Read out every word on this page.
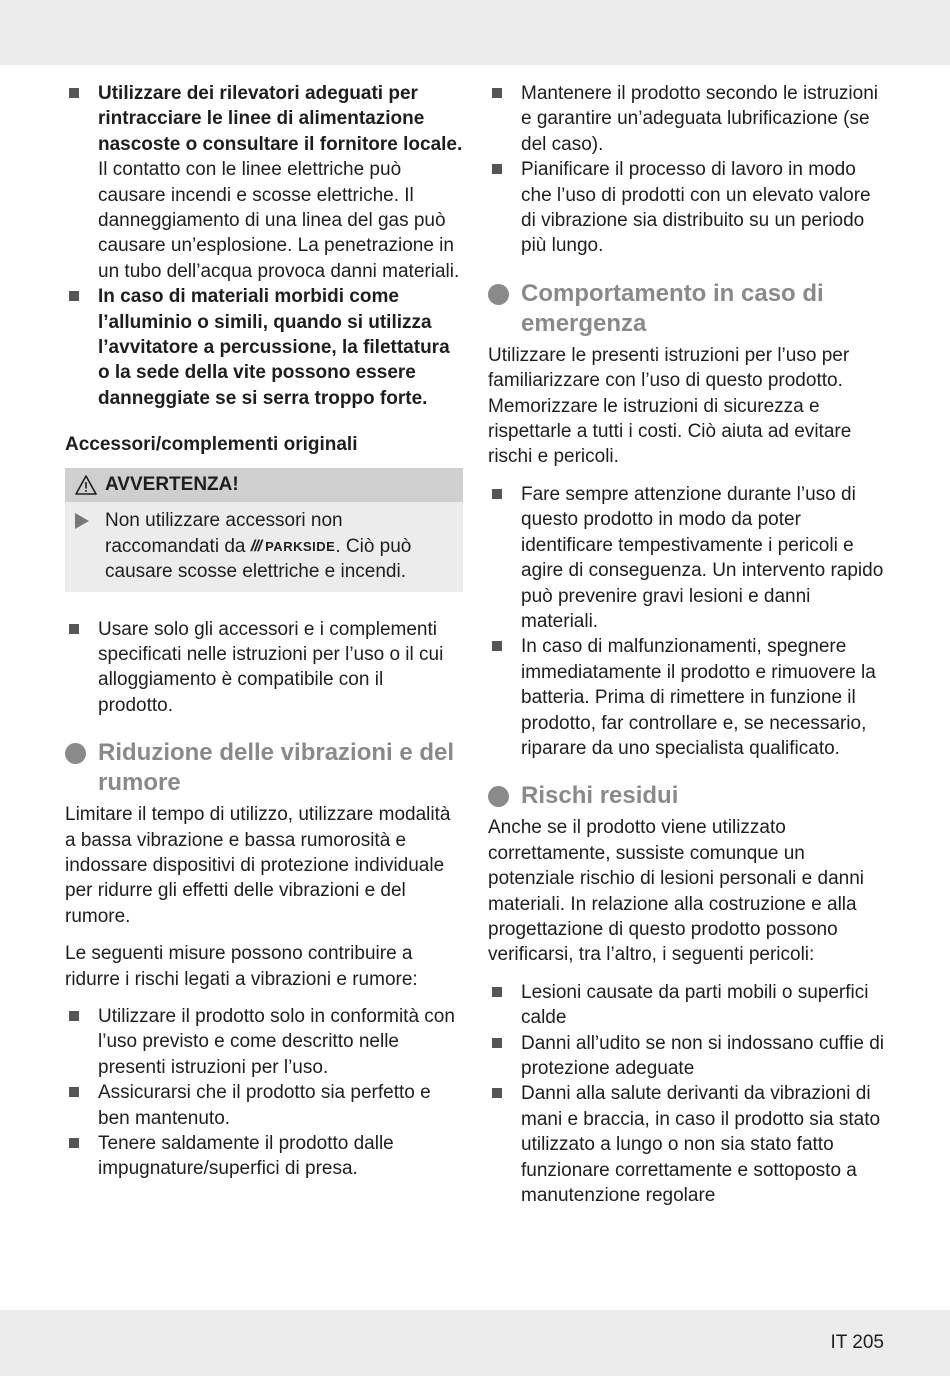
Utilizzare dei rilevatori adeguati per rintracciare le linee di alimentazione nascoste o consultare il fornitore locale. Il contatto con le linee elettriche può causare incendi e scosse elettriche. Il danneggiamento di una linea del gas può causare un’esplosione. La penetrazione in un tubo dell’acqua provoca danni materiali.
In caso di materiali morbidi come l’alluminio o simili, quando si utilizza l’avvitatore a percussione, la filettatura o la sede della vite possono essere danneggiate se si serra troppo forte.

Accessori/complementi originali

AVVERTENZA!
Non utilizzare accessori non raccomandati da /// PARKSIDE . Ciò può causare scosse elettriche e incendi.
Usare solo gli accessori e i complementi specificati nelle istruzioni per l’uso o il cui alloggiamento è compatibile con il prodotto.

Riduzione delle vibrazioni e del rumore

Limitare il tempo di utilizzo, utilizzare modalità a bassa vibrazione e bassa rumorosità e indossare dispositivi di protezione individuale per ridurre gli effetti delle vibrazioni e del rumore.

Le seguenti misure possono contribuire a ridurre i rischi legati a vibrazioni e rumore:

Utilizzare il prodotto solo in conformità con l’uso previsto e come descritto nelle presenti istruzioni per l’uso.
Assicurarsi che il prodotto sia perfetto e ben mantenuto.
Tenere saldamente il prodotto dalle impugnature/superfici di presa.
Mantenere il prodotto secondo le istruzioni e garantire un’adeguata lubrificazione (se del caso).
Pianificare il processo di lavoro in modo che l’uso di prodotti con un elevato valore di vibrazione sia distribuito su un periodo più lungo.

Comportamento in caso di emergenza

Utilizzare le presenti istruzioni per l’uso per familiarizzare con l’uso di questo prodotto. Memorizzare le istruzioni di sicurezza e rispettarle a tutti i costi. Ciò aiuta ad evitare rischi e pericoli.

Fare sempre attenzione durante l’uso di questo prodotto in modo da poter identificare tempestivamente i pericoli e agire di conseguenza. Un intervento rapido può prevenire gravi lesioni e danni materiali.
In caso di malfunzionamenti, spegnere immediatamente il prodotto e rimuovere la batteria. Prima di rimettere in funzione il prodotto, far controllare e, se necessario, riparare da uno specialista qualificato.

Rischi residui

Anche se il prodotto viene utilizzato correttamente, sussiste comunque un potenziale rischio di lesioni personali e danni materiali. In relazione alla costruzione e alla progettazione di questo prodotto possono verificarsi, tra l’altro, i seguenti pericoli:

Lesioni causate da parti mobili o superfici calde
Danni all’udito se non si indossano cuffie di protezione adeguate
Danni alla salute derivanti da vibrazioni di mani e braccia, in caso il prodotto sia stato utilizzato a lungo o non sia stato fatto funzionare correttamente e sottoposto a manutenzione regolare
IT 205
